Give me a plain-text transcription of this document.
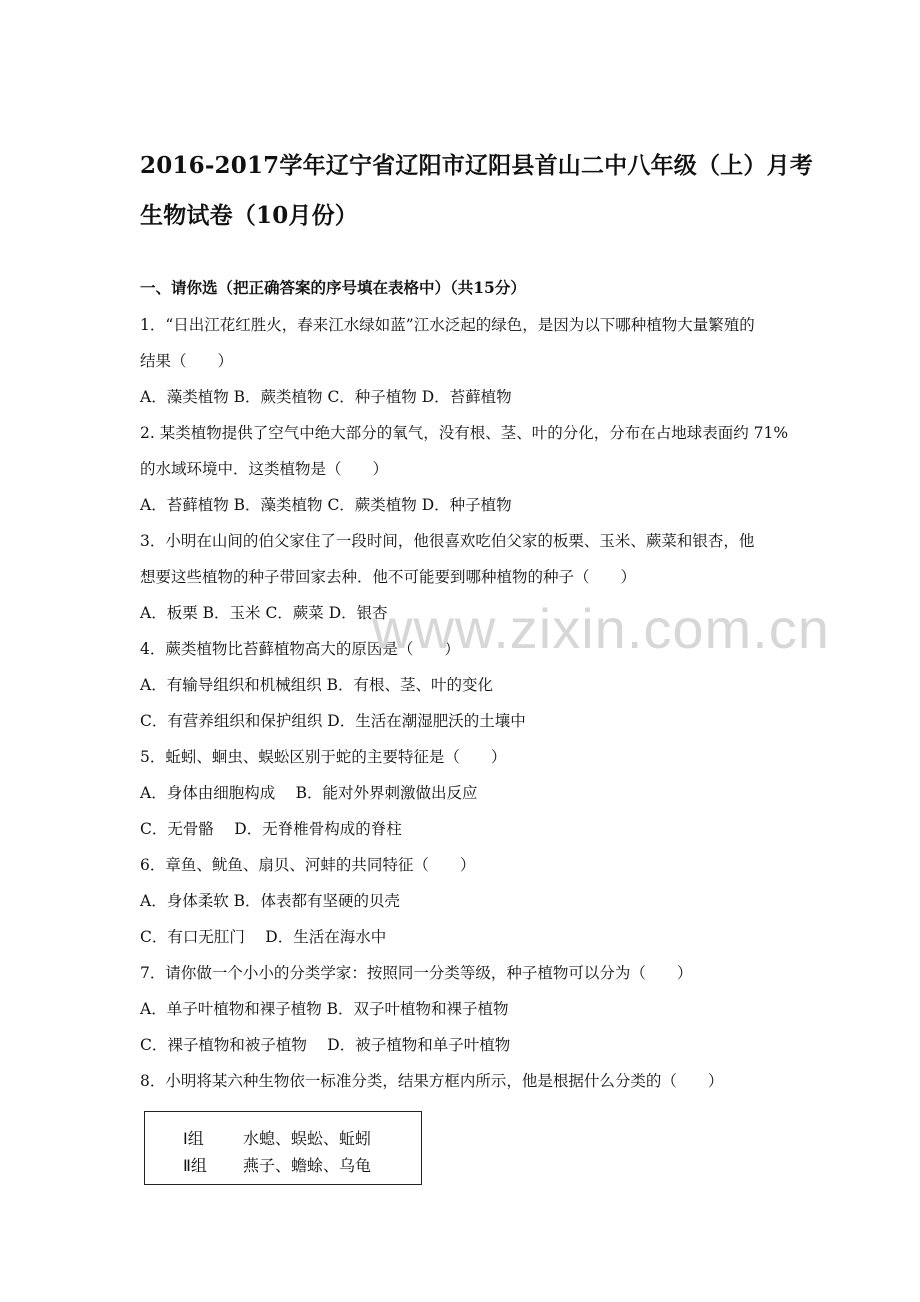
2016-2017学年辽宁省辽阳市辽阳县首山二中八年级（上）月考
生物试卷（10月份）
一、请你选（把正确答案的序号填在表格中）（共15分）
1．“日出江花红胜火，春来江水绿如蓝”江水泛起的绿色，是因为以下哪种植物大量繁殖的
结果（　　）
A．藻类植物 B．蕨类植物 C．种子植物 D．苔藓植物
2. 某类植物提供了空气中绝大部分的氧气，没有根、茎、叶的分化，分布在占地球表面约 71%
的水域环境中．这类植物是（　　）
A．苔藓植物 B．藻类植物 C．蕨类植物 D．种子植物
3．小明在山间的伯父家住了一段时间，他很喜欢吃伯父家的板栗、玉米、蕨菜和银杏，他
想要这些植物的种子带回家去种．他不可能要到哪种植物的种子（　　）
A．板栗 B．玉米 C．蕨菜 D．银杏
4．蕨类植物比苔藓植物高大的原因是（　　）
A．有输导组织和机械组织 B．有根、茎、叶的变化
C．有营养组织和保护组织 D．生活在潮湿肥沃的土壤中
5．蚯蚓、蛔虫、蜈蚣区别于蛇的主要特征是（　　）
A．身体由细胞构成　 B．能对外界刺激做出反应
C．无骨骼　 D．无脊椎骨构成的脊柱
6．章鱼、鱿鱼、扇贝、河蚌的共同特征（　　）
A．身体柔软 B．体表都有坚硬的贝壳
C．有口无肛门　 D．生活在海水中
7．请你做一个小小的分类学家：按照同一分类等级，种子植物可以分为（　　）
A．单子叶植物和裸子植物 B．双子叶植物和裸子植物
C．裸子植物和被子植物　 D．被子植物和单子叶植物
8．小明将某六种生物依一标准分类，结果方框内所示，他是根据什么分类的（　　）
www.zixin.com.cn
Ⅰ组 水螅、蜈蚣、蚯蚓
Ⅱ组 燕子、蟾蜍、乌龟
